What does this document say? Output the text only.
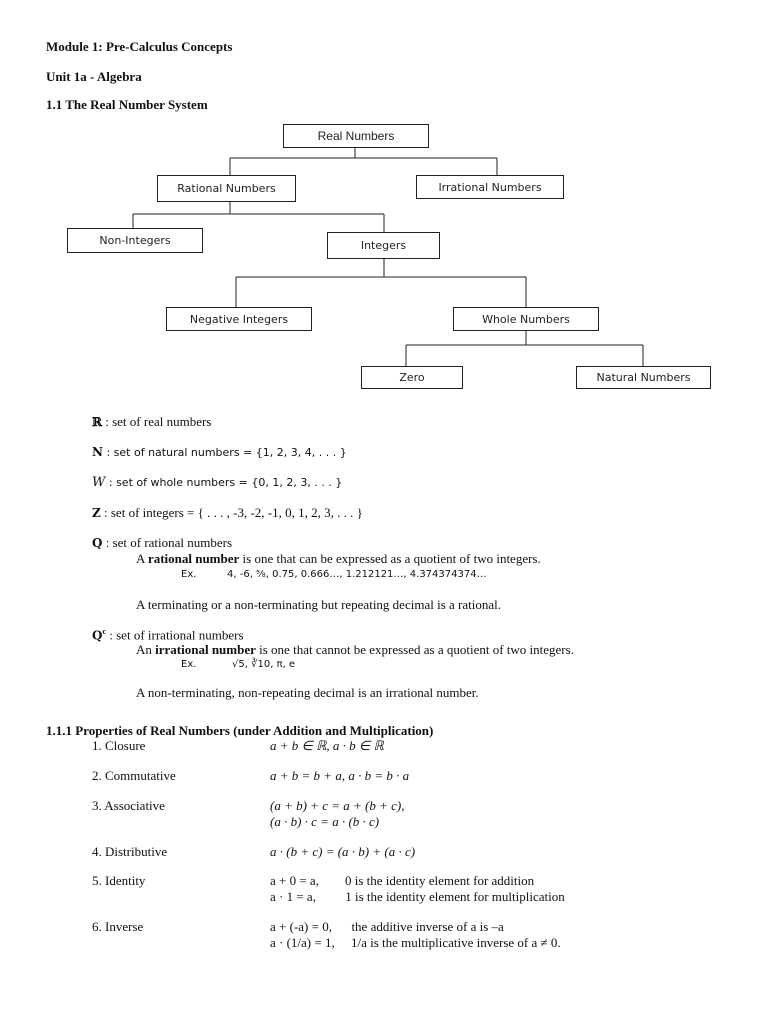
Module 1: Pre-Calculus Concepts
Unit 1a - Algebra
1.1 The Real Number System
Real Numbers
Rational Numbers	Irrational Numbers
Non-Integers	Integers
Negative Integers	Whole Numbers
Zero	Natural Numbers
ℝ : set of real numbers
N : set of natural numbers = {1, 2, 3, 4, . . . }
W : set of whole numbers = {0, 1, 2, 3, . . . }
Z : set of integers = { . . . , -3, -2, -1, 0, 1, 2, 3, . . . }
Q : set of rational numbers
A rational number is one that can be expressed as a quotient of two integers.
Ex.	4, -6, ⅝, 0.75, 0.666…, 1.212121…, 4.374374374…
A terminating or a non-terminating but repeating decimal is a rational.
$Q^c$ : set of irrational numbers
An irrational number is one that cannot be expressed as a quotient of two integers.
Ex.	√5, ∛10, π, e
A non-terminating, non-repeating decimal is an irrational number.
1.1.1 Properties of Real Numbers (under Addition and Multiplication)
1. Closure	a + b ∈ ℝ, a · b ∈ ℝ
2. Commutative	a + b = b + a, a · b = b · a
3. Associative	(a + b) + c = a + (b + c),
(a · b) · c = a · (b · c)
4. Distributive	a · (b + c) = (a · b) + (a · c)
5. Identity	a + 0 = a,        0 is the identity element for addition
a · 1 = a,         1 is the identity element for multiplication
6. Inverse	a + (-a) = 0,      the additive inverse of a is –a
a · (1/a) = 1,     1/a is the multiplicative inverse of a ≠ 0.
